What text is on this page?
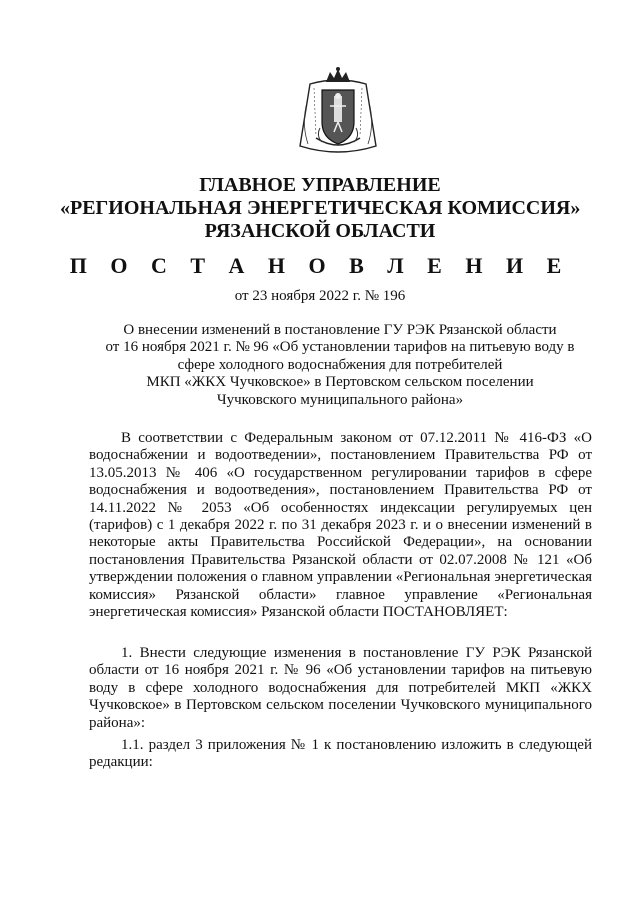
ГЛАВНОЕ УПРАВЛЕНИЕ
«РЕГИОНАЛЬНАЯ ЭНЕРГЕТИЧЕСКАЯ КОМИССИЯ»
РЯЗАНСКОЙ ОБЛАСТИ
П О С Т А Н О В Л Е Н И Е
от 23 ноября 2022 г. № 196
О внесении изменений в постановление ГУ РЭК Рязанской области
от 16 ноября 2021 г. № 96 «Об установлении тарифов на питьевую воду в
сфере холодного водоснабжения для потребителей
МКП «ЖКХ Чучковское» в Пертовском сельском поселении
Чучковского муниципального района»
В соответствии с Федеральным законом от 07.12.2011 № 416-ФЗ «О водоснабжении и водоотведении», постановлением Правительства РФ от 13.05.2013 № 406 «О государственном регулировании тарифов в сфере водоснабжения и водоотведения», постановлением Правительства РФ от 14.11.2022 № 2053 «Об особенностях индексации регулируемых цен (тарифов) с 1 декабря 2022 г. по 31 декабря 2023 г. и о внесении изменений в некоторые акты Правительства Российской Федерации», на основании постановления Правительства Рязанской области от 02.07.2008 № 121 «Об утверждении положения о главном управлении «Региональная энергетическая комиссия» Рязанской области» главное управление «Региональная энергетическая комиссия» Рязанской области ПОСТАНОВЛЯЕТ:
1. Внести следующие изменения в постановление ГУ РЭК Рязанской области от 16 ноября 2021 г. № 96 «Об установлении тарифов на питьевую воду в сфере холодного водоснабжения для потребителей МКП «ЖКХ Чучковское» в Пертовском сельском поселении Чучковского муниципального района»:
1.1. раздел 3 приложения № 1 к постановлению изложить в следующей редакции:
